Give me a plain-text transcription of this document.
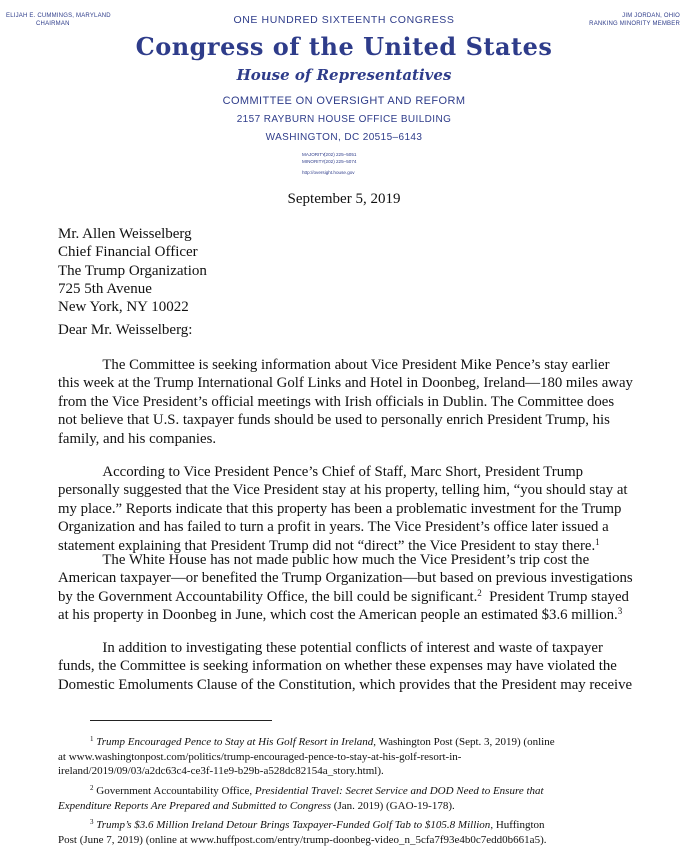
ELIJAH E. CUMMINGS, MARYLAND
CHAIRMAN
JIM JORDAN, OHIO
RANKING MINORITY MEMBER
ONE HUNDRED SIXTEENTH CONGRESS
Congress of the United States
House of Representatives
COMMITTEE ON OVERSIGHT AND REFORM
2157 RAYBURN HOUSE OFFICE BUILDING
WASHINGTON, DC 20515–6143
MAJORITY(202) 225–5051
MINORITY(202) 225–5074
http://oversight.house.gov
September 5, 2019
Mr. Allen Weisselberg
Chief Financial Officer
The Trump Organization
725 5th Avenue
New York, NY 10022
Dear Mr. Weisselberg:
The Committee is seeking information about Vice President Mike Pence’s stay earlier
this week at the Trump International Golf Links and Hotel in Doonbeg, Ireland—180 miles away
from the Vice President’s official meetings with Irish officials in Dublin. The Committee does
not believe that U.S. taxpayer funds should be used to personally enrich President Trump, his
family, and his companies.
According to Vice President Pence’s Chief of Staff, Marc Short, President Trump
personally suggested that the Vice President stay at his property, telling him, “you should stay at
my place.” Reports indicate that this property has been a problematic investment for the Trump
Organization and has failed to turn a profit in years. The Vice President’s office later issued a
statement explaining that President Trump did not “direct” the Vice President to stay there.$^1$
The White House has not made public how much the Vice President’s trip cost the
American taxpayer—or benefited the Trump Organization—but based on previous investigations
by the Government Accountability Office, the bill could be significant.$^2$  President Trump stayed
at his property in Doonbeg in June, which cost the American people an estimated $3.6 million.$^3$
In addition to investigating these potential conflicts of interest and waste of taxpayer
funds, the Committee is seeking information on whether these expenses may have violated the
Domestic Emoluments Clause of the Constitution, which provides that the President may receive
$^1$ Trump Encouraged Pence to Stay at His Golf Resort in Ireland, Washington Post (Sept. 3, 2019) (online
at www.washingtonpost.com/politics/trump-encouraged-pence-to-stay-at-his-golf-resort-in-
ireland/2019/09/03/a2dc63c4-ce3f-11e9-b29b-a528dc82154a_story.html).
$^2$ Government Accountability Office, Presidential Travel: Secret Service and DOD Need to Ensure that
Expenditure Reports Are Prepared and Submitted to Congress (Jan. 2019) (GAO-19-178).
$^3$ Trump’s $3.6 Million Ireland Detour Brings Taxpayer-Funded Golf Tab to $105.8 Million, Huffington
Post (June 7, 2019) (online at www.huffpost.com/entry/trump-doonbeg-video_n_5cfa7f93e4b0c7edd0b661a5).
